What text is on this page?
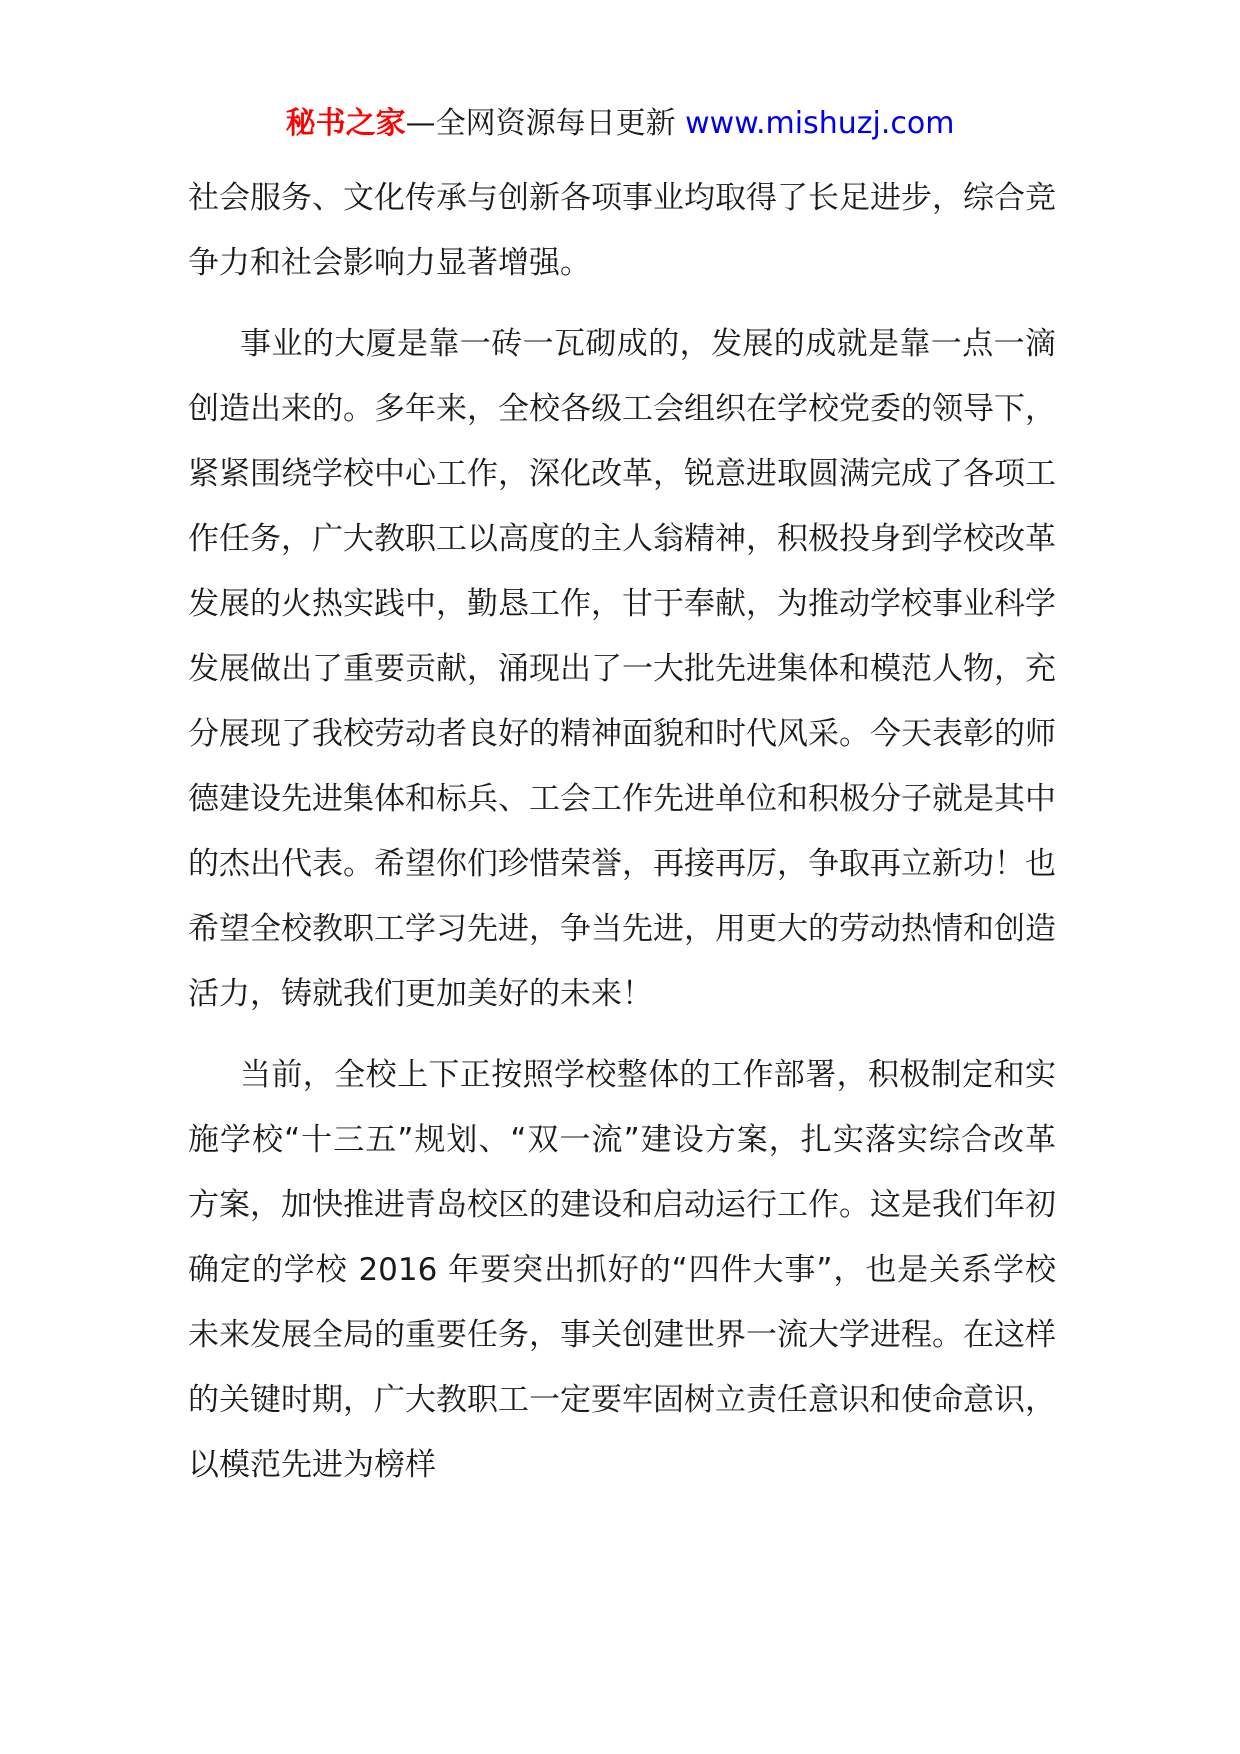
秘书之家—全网资源每日更新 www.mishuzj.com

社会服务、文化传承与创新各项事业均取得了长足进步，综合竞争力和社会影响力显著增强。

事业的大厦是靠一砖一瓦砌成的，发展的成就是靠一点一滴创造出来的。多年来，全校各级工会组织在学校党委的领导下，紧紧围绕学校中心工作，深化改革，锐意进取圆满完成了各项工作任务，广大教职工以高度的主人翁精神，积极投身到学校改革发展的火热实践中，勤恳工作，甘于奉献，为推动学校事业科学发展做出了重要贡献，涌现出了一大批先进集体和模范人物，充分展现了我校劳动者良好的精神面貌和时代风采。今天表彰的师德建设先进集体和标兵、工会工作先进单位和积极分子就是其中的杰出代表。希望你们珍惜荣誉，再接再厉，争取再立新功！也希望全校教职工学习先进，争当先进，用更大的劳动热情和创造活力，铸就我们更加美好的未来！

当前，全校上下正按照学校整体的工作部署，积极制定和实施学校“十三五”规划、“双一流”建设方案，扎实落实综合改革方案，加快推进青岛校区的建设和启动运行工作。这是我们年初确定的学校 2016 年要突出抓好的“四件大事”，也是关系学校未来发展全局的重要任务，事关创建世界一流大学进程。在这样的关键时期，广大教职工一定要牢固树立责任意识和使命意识，以模范先进为榜样
